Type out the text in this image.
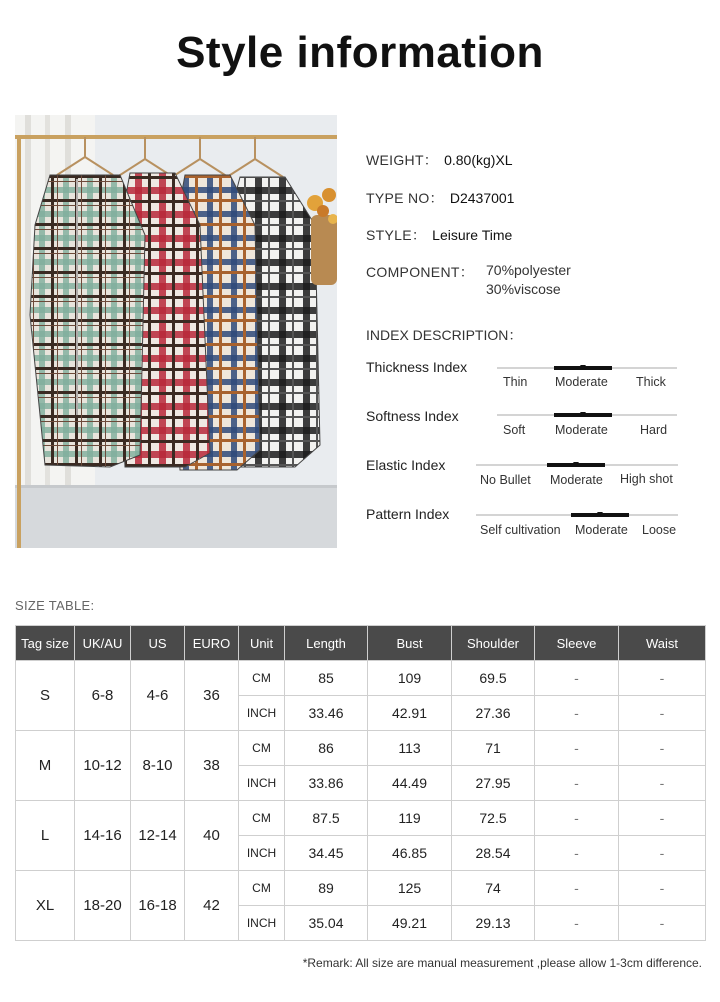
Style information
WEIGHT： 0.80(kg)XL
TYPE NO： D2437001
STYLE： Leisure Time
COMPONENT： 70%polyester
30%viscose
INDEX DESCRIPTION：
Thickness Index
Thin Moderate Thick
Softness Index
Soft Moderate	Hard
Elastic Index
No Bullet Moderate High shot
Pattern Index
Self cultivation Moderate Loose
SIZE TABLE:
Tag size	UK/AU	US	EURO	Unit	Length	Bust	Shoulder	Sleeve	Waist
S	6-8	4-6	36	CM	85	109	69.5	-	-
				INCH	33.46	42.91	27.36	-	-
M	10-12	8-10	38	CM	86	113	71	-	-
				INCH	33.86	44.49	27.95	-	-
L	14-16	12-14	40	CM	87.5	119	72.5	-	-
				INCH	34.45	46.85	28.54	-	-
XL	18-20	16-18	42	CM	89	125	74	-	-
				INCH	35.04	49.21	29.13	-	-
*Remark: All size are manual measurement ,please allow 1-3cm difference.
